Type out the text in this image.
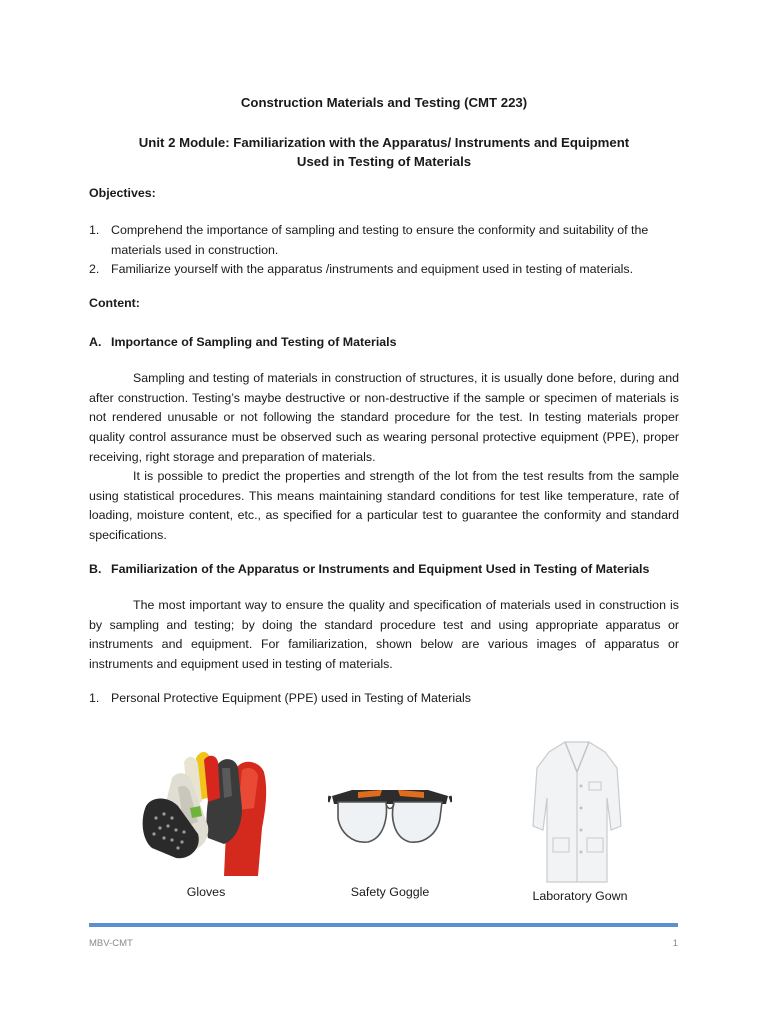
Construction Materials and Testing (CMT 223)
Unit 2 Module: Familiarization with the Apparatus/ Instruments and Equipment
Used in Testing of Materials
Objectives:
1. Comprehend the importance of sampling and testing to ensure the conformity and suitability of the materials used in construction.
2. Familiarize yourself with the apparatus /instruments and equipment used in testing of materials.
Content:
A. Importance of Sampling and Testing of Materials

Sampling and testing of materials in construction of structures, it is usually done before, during and after construction. Testing’s maybe destructive or non-destructive if the sample or specimen of materials is not rendered unusable or not following the standard procedure for the test. In testing materials proper quality control assurance must be observed such as wearing personal protective equipment (PPE), proper receiving, right storage and preparation of materials.

It is possible to predict the properties and strength of the lot from the test results from the sample using statistical procedures. This means maintaining standard conditions for test like temperature, rate of loading, moisture content, etc., as specified for a particular test to guarantee the conformity and standard specifications.

B. Familiarization of the Apparatus or Instruments and Equipment Used in Testing of Materials

The most important way to ensure the quality and specification of materials used in construction is by sampling and testing; by doing the standard procedure test and using appropriate apparatus or instruments and equipment. For familiarization, shown below are various images of apparatus or instruments and equipment used in testing of materials.

1. Personal Protective Equipment (PPE) used in Testing of Materials
Gloves	Safety Goggle	Laboratory Gown
MBV-CMT	1
